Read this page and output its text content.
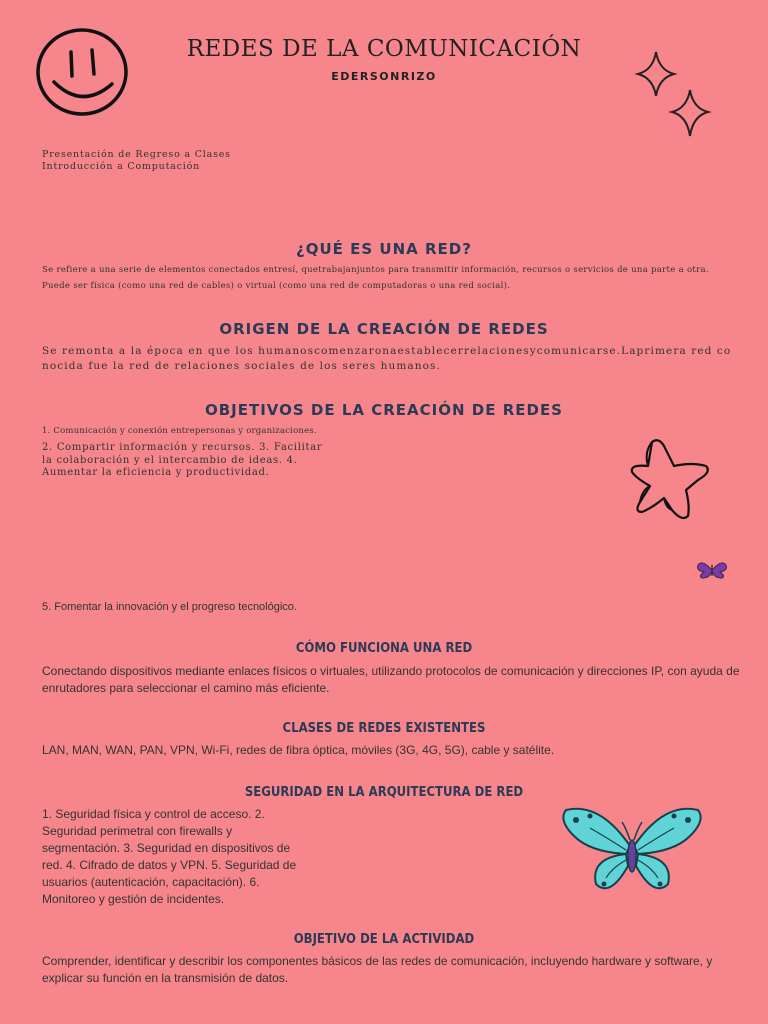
REDES DE LA COMUNICACIÓN
EDERSONRIZO
Presentación de Regreso a Clases Introducción a Computación
¿QUÉ ES UNA RED?

Se refiere a una serie de elementos conectados entresí, quetrabajanjuntos para transmitir información, recursos o servicios de una parte a otra. Puede ser física (como una red de cables) o virtual (como una red de computadoras o una red social).

ORIGEN DE LA CREACIÓN DE REDES

Se remonta a la época en que los humanoscomenzaronaestablecerrelacionesycomunicarse.Laprimera red conocida fue la red de relaciones sociales de los seres humanos.

OBJETIVOS DE LA CREACIÓN DE REDES

1. Comunicación y conexión entrepersonas y organizaciones.

2. Compartir información y recursos. 3. Facilitar la colaboración y el intercambio de ideas. 4. Aumentar la eficiencia y productividad.

5. Fomentar la innovación y el progreso tecnológico.

CÓMO FUNCIONA UNA RED

Conectando dispositivos mediante enlaces físicos o virtuales, utilizando protocolos de comunicación y direcciones IP, con ayuda de enrutadores para seleccionar el camino más eficiente.

CLASES DE REDES EXISTENTES

LAN, MAN, WAN, PAN, VPN, Wi-Fi, redes de fibra óptica, móviles (3G, 4G, 5G), cable y satélite.

SEGURIDAD EN LA ARQUITECTURA DE RED

1. Seguridad física y control de acceso. 2. Seguridad perimetral con firewalls y segmentación. 3. Seguridad en dispositivos de red. 4. Cifrado de datos y VPN. 5. Seguridad de usuarios (autenticación, capacitación). 6. Monitoreo y gestión de incidentes.

OBJETIVO DE LA ACTIVIDAD

Comprender, identificar y describir los componentes básicos de las redes de comunicación, incluyendo hardware y software, y explicar su función en la transmisión de datos.
